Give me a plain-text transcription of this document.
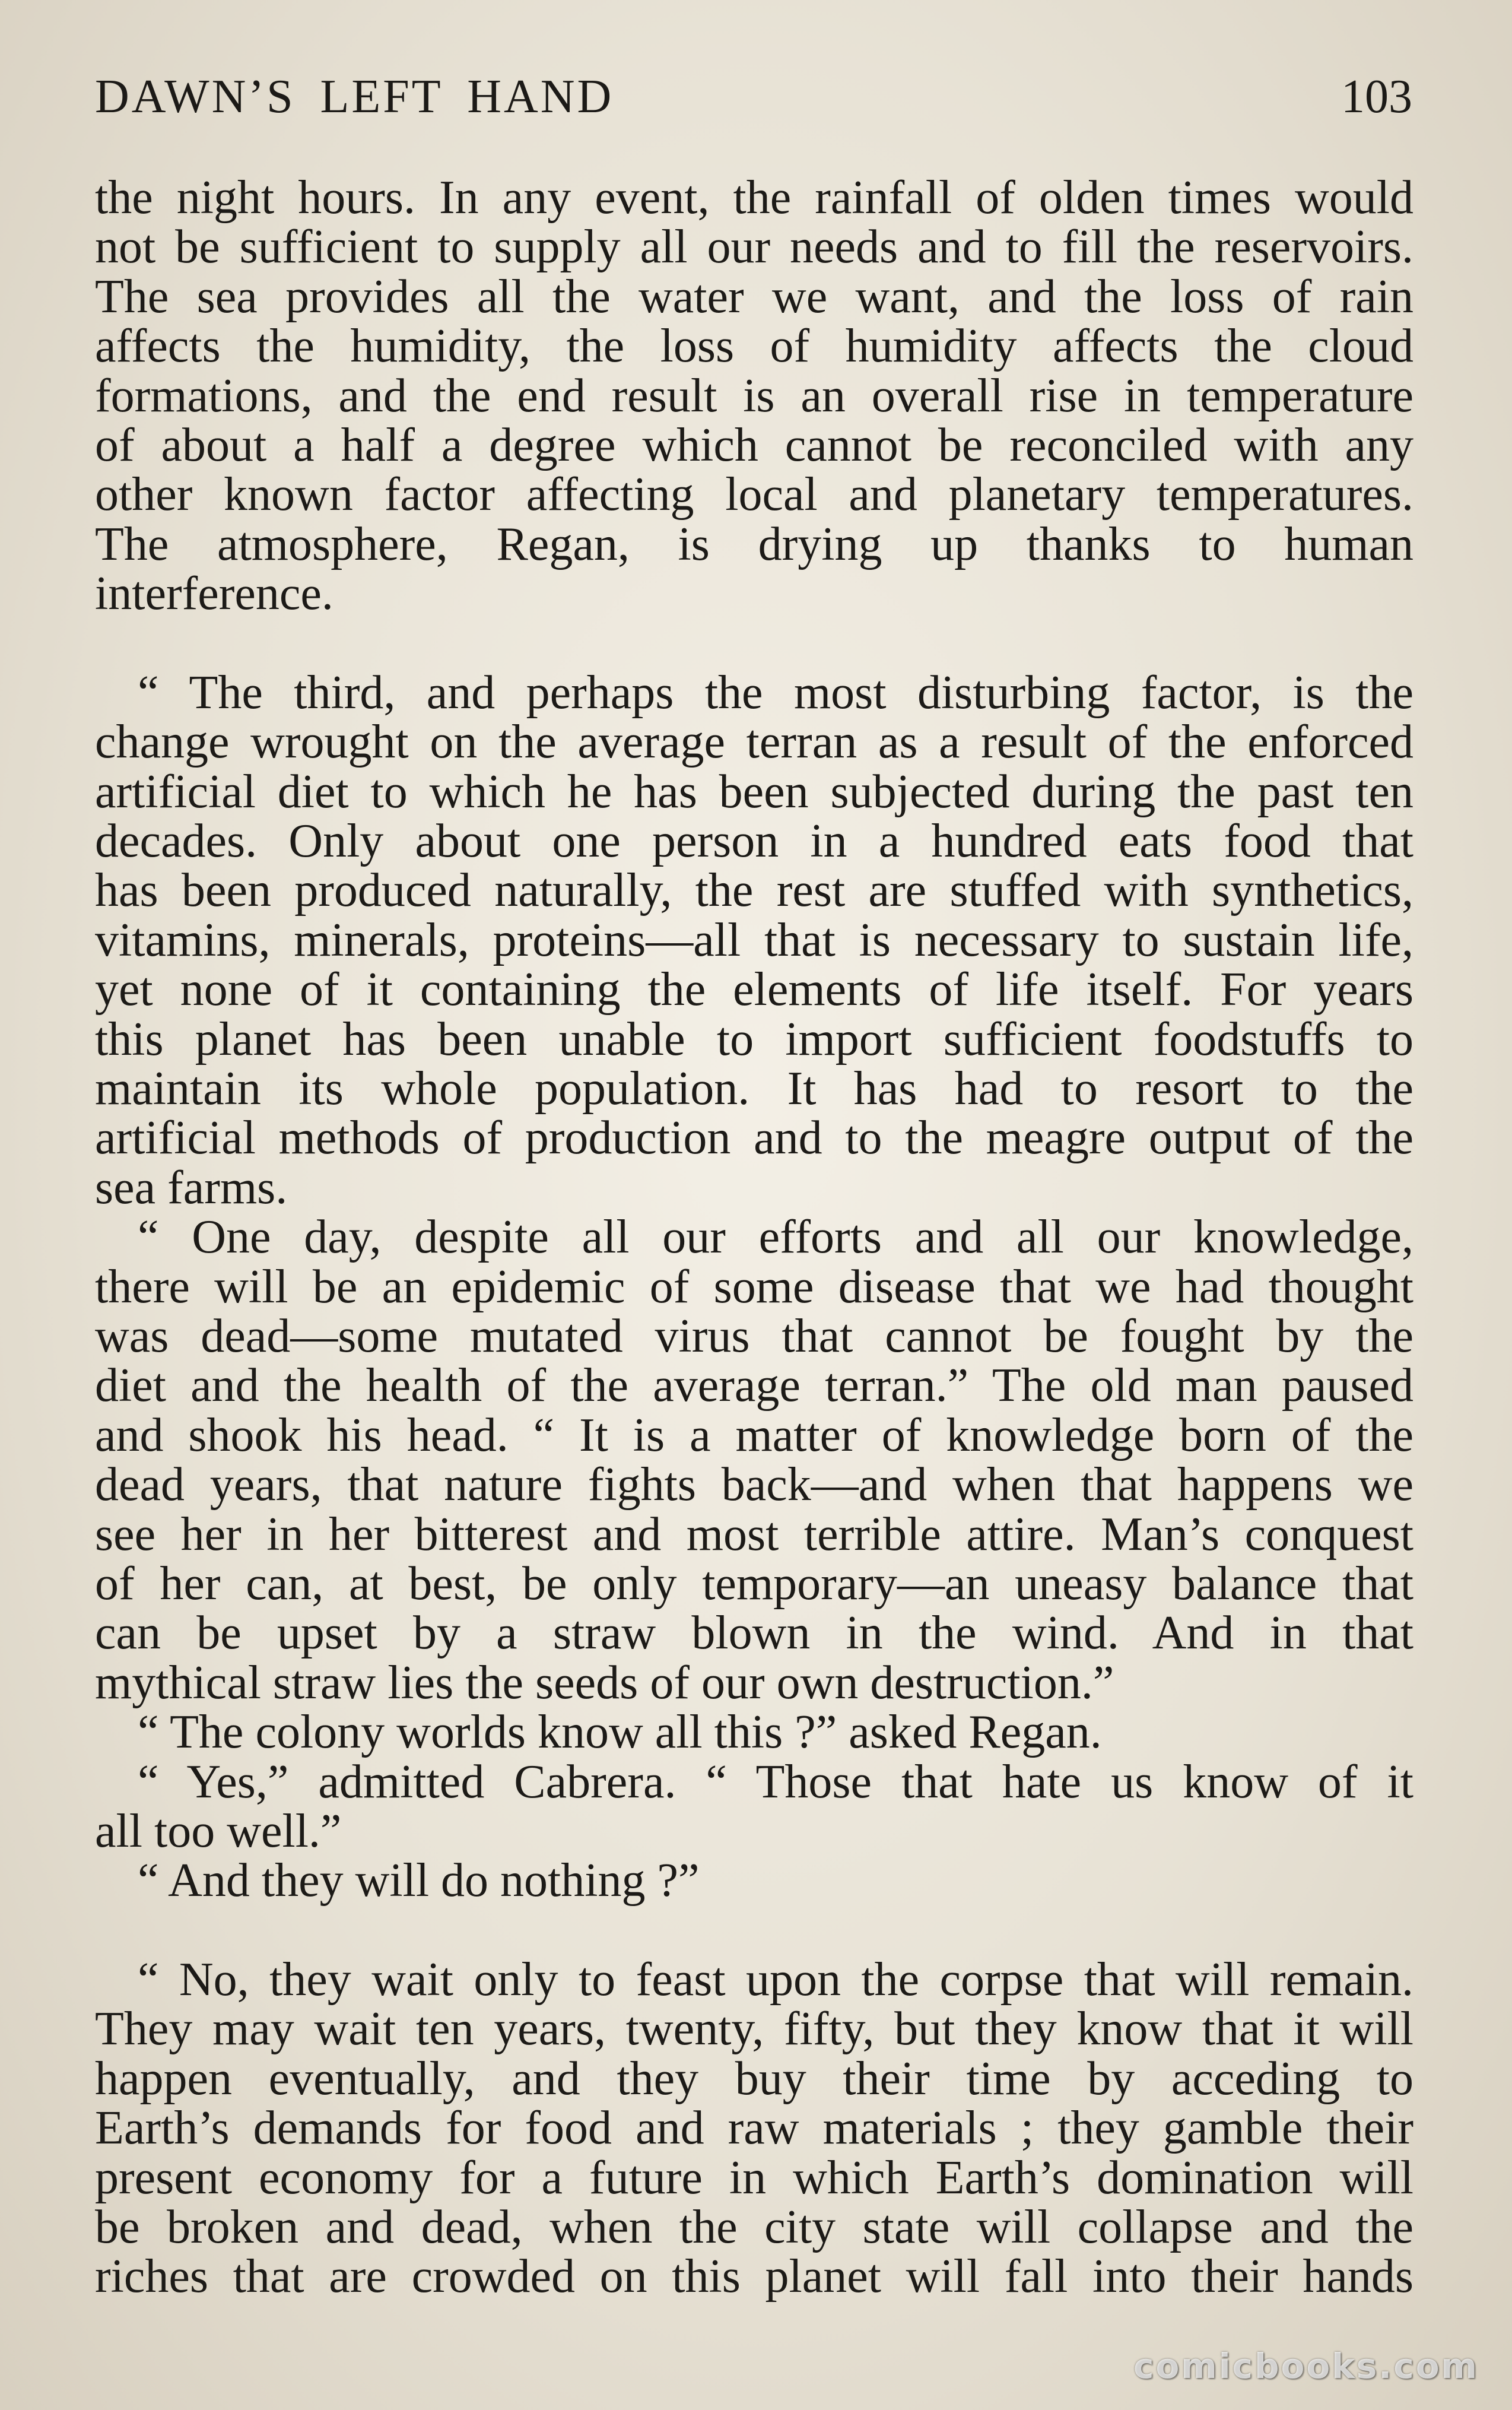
DAWN’S LEFT HAND	103
the night hours. In any event, the rainfall of olden times would
not be sufficient to supply all our needs and to fill the reservoirs.
The sea provides all the water we want, and the loss of rain
affects the humidity, the loss of humidity affects the cloud
formations, and the end result is an overall rise in temperature
of about a half a degree which cannot be reconciled with any
other known factor affecting local and planetary temperatures.
The atmosphere, Regan, is drying up thanks to human
interference.
“ The third, and perhaps the most disturbing factor, is the
change wrought on the average terran as a result of the enforced
artificial diet to which he has been subjected during the past ten
decades. Only about one person in a hundred eats food that
has been produced naturally, the rest are stuffed with synthetics,
vitamins, minerals, proteins—all that is necessary to sustain life,
yet none of it containing the elements of life itself. For years
this planet has been unable to import sufficient foodstuffs to
maintain its whole population. It has had to resort to the
artificial methods of production and to the meagre output of the
sea farms.
“ One day, despite all our efforts and all our knowledge,
there will be an epidemic of some disease that we had thought
was dead—some mutated virus that cannot be fought by the
diet and the health of the average terran.” The old man paused
and shook his head. “ It is a matter of knowledge born of the
dead years, that nature fights back—and when that happens we
see her in her bitterest and most terrible attire. Man’s conquest
of her can, at best, be only temporary—an uneasy balance that
can be upset by a straw blown in the wind. And in that
mythical straw lies the seeds of our own destruction.”
“ The colony worlds know all this ?” asked Regan.
“ Yes,” admitted Cabrera. “ Those that hate us know of it
all too well.”
“ And they will do nothing ?”
“ No, they wait only to feast upon the corpse that will remain.
They may wait ten years, twenty, fifty, but they know that it will
happen eventually, and they buy their time by acceding to
Earth’s demands for food and raw materials ; they gamble their
present economy for a future in which Earth’s domination will
be broken and dead, when the city state will collapse and the
riches that are crowded on this planet will fall into their hands
comicbooks.com
